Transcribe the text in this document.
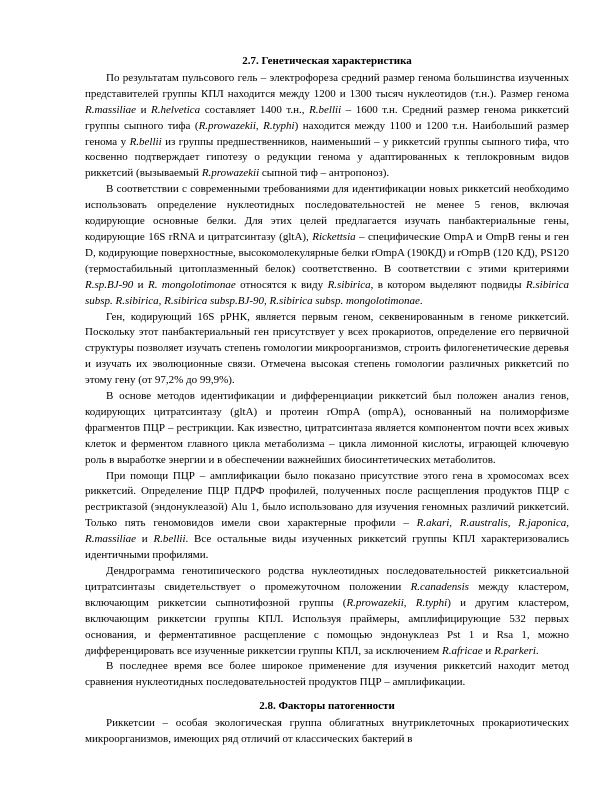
2.7. Генетическая характеристика

По результатам пульсового гель – электрофореза средний размер генома большинства изученных представителей группы КПЛ находится между 1200 и 1300 тысяч нуклеотидов (т.н.). Размер генома R.massiliae и R.helvetica составляет 1400 т.н., R.bellii – 1600 т.н. Средний размер генома риккетсий группы сыпного тифа (R.prowazekii, R.typhi) находится между 1100 и 1200 т.н. Наибольший размер генома у R.bellii из группы предшественников, наименьший – у риккетсий группы сыпного тифа, что косвенно подтверждает гипотезу о редукции генома у адаптированных к теплокровным видов риккетсий (вызываемый R.prowazekii сыпной тиф – антропоноз).

В соответствии с современными требованиями для идентификации новых риккетсий необходимо использовать определение нуклеотидных последовательностей не менее 5 генов, включая кодирующие основные белки. Для этих целей предлагается изучать панбактериальные гены, кодирующие 16S rRNA и цитратсинтазу (gltA), Rickettsia – специфические OmpA и OmpB гены и ген D, кодирующие поверхностные, высокомолекулярные белки rOmpA (190КД) и rOmpB (120 КД), PS120 (термостабильный цитоплазменный белок) соответственно. В соответствии с этими критериями R.sp.BJ-90 и R. mongolotimonae относятся к виду R.sibirica, в котором выделяют подвиды R.sibirica subsp. R.sibirica, R.sibirica subsp.BJ-90, R.sibirica subsp. mongolotimonae.

Ген, кодирующий 16S рРНК, является первым геном, секвенированным в геноме риккетсий. Поскольку этот панбактериальный ген присутствует у всех прокариотов, определение его первичной структуры позволяет изучать степень гомологии микроорганизмов, строить филогенетические деревья и изучать их эволюционные связи. Отмечена высокая степень гомологии различных риккетсий по этому гену (от 97,2% до 99,9%).

В основе методов идентификации и дифференциации риккетсий был положен анализ генов, кодирующих цитратсинтазу (gltA) и протеин rOmpA (ompA), основанный на полиморфизме фрагментов ПЦР – рестрикции. Как известно, цитратсинтаза является компонентом почти всех живых клеток и ферментом главного цикла метаболизма – цикла лимонной кислоты, играющей ключевую роль в выработке энергии и в обеспечении важнейших биосинтетических метаболитов.

При помощи ПЦР – амплификации было показано присутствие этого гена в хромосомах всех риккетсий. Определение ПЦР ПДРФ профилей, полученных после расщепления продуктов ПЦР с рестриктазой (эндонуклеазой) Alu 1, было использовано для изучения геномных различий риккетсий. Только пять геномовидов имели свои характерные профили – R.akari, R.australis, R.japonica, R.massiliae и R.bellii. Все остальные виды изученных риккетсий группы КПЛ характеризовались идентичными профилями.

Дендрограмма генотипического родства нуклеотидных последовательностей риккетсиальной цитратсинтазы свидетельствует о промежуточном положении R.canadensis между кластером, включающим риккетсии сыпнотифозной группы (R.prowazekii, R.typhi) и другим кластером, включающим риккетсии группы КПЛ. Используя праймеры, амплифицирующие 532 первых основания, и ферментативное расщепление с помощью эндонуклеаз Pst 1 и Rsa 1, можно дифференцировать все изученные риккетсии группы КПЛ, за исключением R.africae и R.parkeri.

В последнее время все более широкое применение для изучения риккетсий находит метод сравнения нуклеотидных последовательностей продуктов ПЦР – амплификации.

2.8. Факторы патогенности

Риккетсии – особая экологическая группа облигатных внутриклеточных прокариотических микроорганизмов, имеющих ряд отличий от классических бактерий в
